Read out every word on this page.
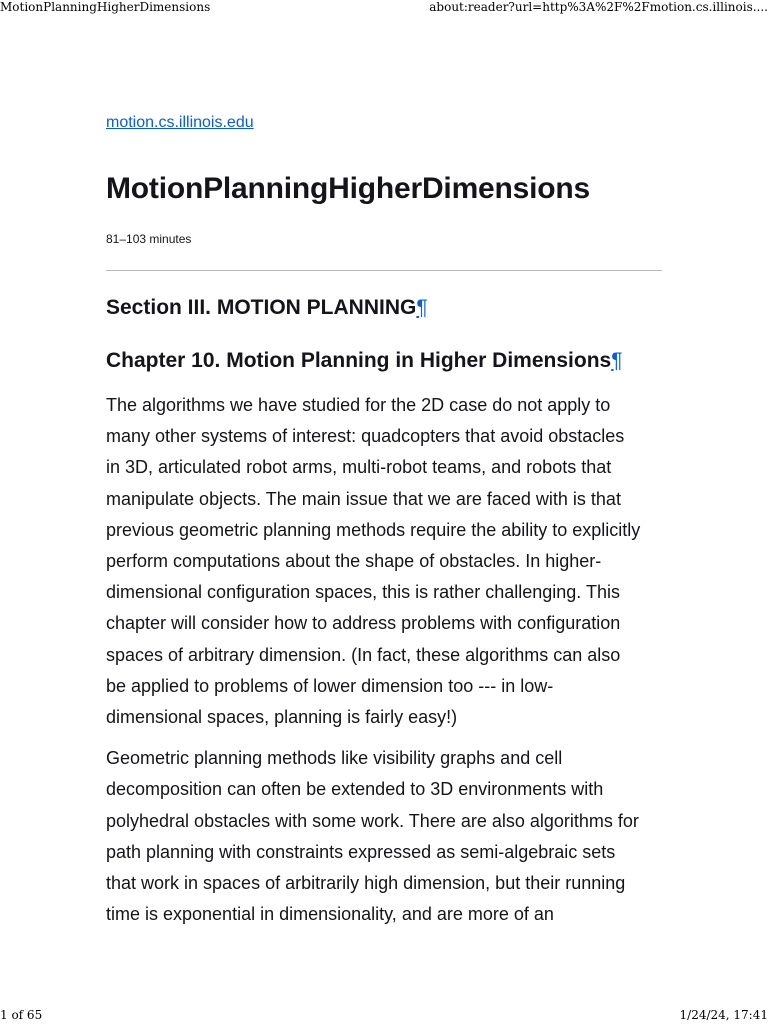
MotionPlanningHigherDimensions	about:reader?url=http%3A%2F%2Fmotion.cs.illinois....
motion.cs.illinois.edu
MotionPlanningHigherDimensions
81–103 minutes
Section III. MOTION PLANNING¶
Chapter 10. Motion Planning in Higher Dimensions¶

The algorithms we have studied for the 2D case do not apply to
many other systems of interest: quadcopters that avoid obstacles
in 3D, articulated robot arms, multi-robot teams, and robots that
manipulate objects. The main issue that we are faced with is that
previous geometric planning methods require the ability to explicitly
perform computations about the shape of obstacles. In higher-
dimensional configuration spaces, this is rather challenging. This
chapter will consider how to address problems with configuration
spaces of arbitrary dimension. (In fact, these algorithms can also
be applied to problems of lower dimension too --- in low-
dimensional spaces, planning is fairly easy!)

Geometric planning methods like visibility graphs and cell
decomposition can often be extended to 3D environments with
polyhedral obstacles with some work. There are also algorithms for
path planning with constraints expressed as semi-algebraic sets
that work in spaces of arbitrarily high dimension, but their running
time is exponential in dimensionality, and are more of an

1 of 65	1/24/24, 17:41
